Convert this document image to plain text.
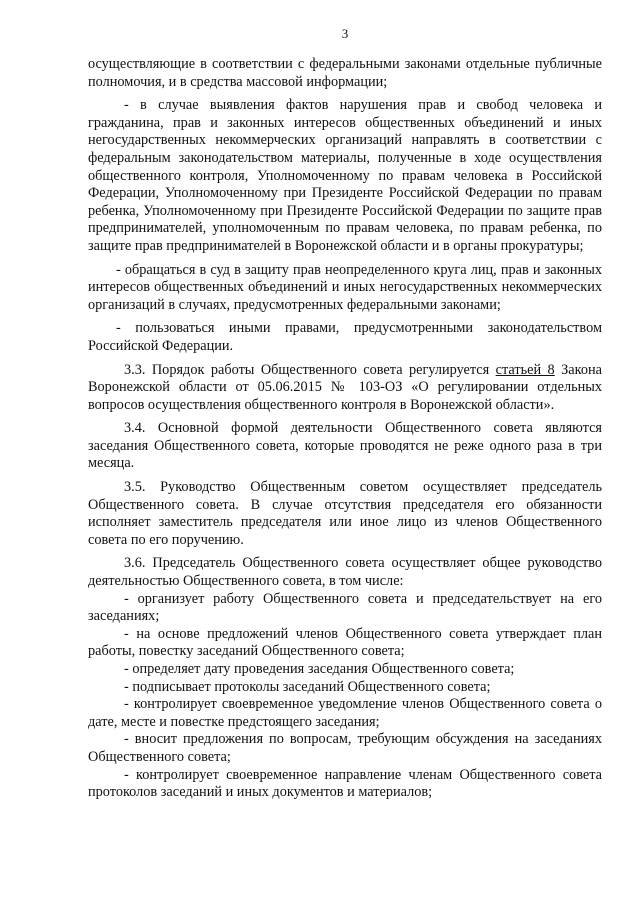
3

осуществляющие в соответствии с федеральными законами отдельные публичные полномочия, и в средства массовой информации;

- в случае выявления фактов нарушения прав и свобод человека и гражданина, прав и законных интересов общественных объединений и иных негосударственных некоммерческих организаций направлять в соответствии с федеральным законодательством материалы, полученные в ходе осуществления общественного контроля, Уполномоченному по правам человека в Российской Федерации, Уполномоченному при Президенте Российской Федерации по правам ребенка, Уполномоченному при Президенте Российской Федерации по защите прав предпринимателей, уполномоченным по правам человека, по правам ребенка, по защите прав предпринимателей в Воронежской области и в органы прокуратуры;

- обращаться в суд в защиту прав неопределенного круга лиц, прав и законных интересов общественных объединений и иных негосударственных некоммерческих организаций в случаях, предусмотренных федеральными законами;

- пользоваться иными правами, предусмотренными законодательством Российской Федерации.

3.3. Порядок работы Общественного совета регулируется статьей 8 Закона Воронежской области от 05.06.2015 № 103-ОЗ «О регулировании отдельных вопросов осуществления общественного контроля в Воронежской области».

3.4. Основной формой деятельности Общественного совета являются заседания Общественного совета, которые проводятся не реже одного раза в три месяца.

3.5. Руководство Общественным советом осуществляет председатель Общественного совета. В случае отсутствия председателя его обязанности исполняет заместитель председателя или иное лицо из членов Общественного совета по его поручению.

3.6. Председатель Общественного совета осуществляет общее руководство деятельностью Общественного совета, в том числе:

- организует работу Общественного совета и председательствует на его заседаниях;

- на основе предложений членов Общественного совета утверждает план работы, повестку заседаний Общественного совета;

- определяет дату проведения заседания Общественного совета;

- подписывает протоколы заседаний Общественного совета;

- контролирует своевременное уведомление членов Общественного совета о дате, месте и повестке предстоящего заседания;

- вносит предложения по вопросам, требующим обсуждения на заседаниях Общественного совета;

- контролирует своевременное направление членам Общественного совета протоколов заседаний и иных документов и материалов;
